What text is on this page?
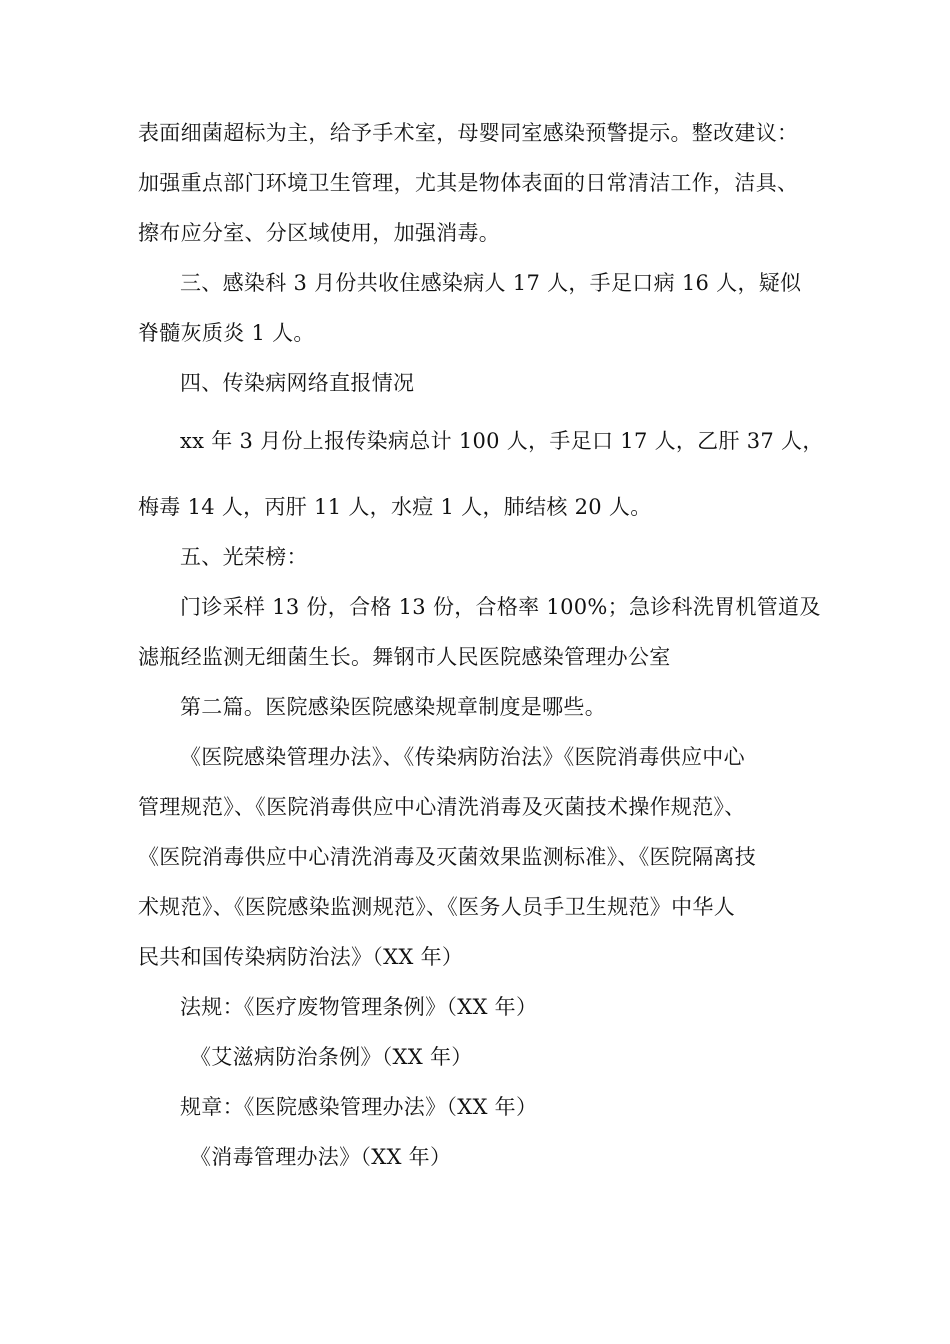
表面细菌超标为主，给予手术室，母婴同室感染预警提示。整改建议：
加强重点部门环境卫生管理，尤其是物体表面的日常清洁工作，洁具、
擦布应分室、分区域使用，加强消毒。
三、感染科 3 月份共收住感染病人 17 人，手足口病 16 人，疑似
脊髓灰质炎 1 人。
四、传染病网络直报情况
xx 年 3 月份上报传染病总计 100 人，手足口 17 人，乙肝 37 人，
梅毒 14 人，丙肝 11 人，水痘 1 人，肺结核 20 人。
五、光荣榜：
门诊采样 13 份，合格 13 份，合格率 100%；急诊科洗胃机管道及
滤瓶经监测无细菌生长。舞钢市人民医院感染管理办公室
第二篇。医院感染医院感染规章制度是哪些。
《医院感染管理办法》、《传染病防治法》《医院消毒供应中心
管理规范》、《医院消毒供应中心清洗消毒及灭菌技术操作规范》、
《医院消毒供应中心清洗消毒及灭菌效果监测标准》、《医院隔离技
术规范》、《医院感染监测规范》、《医务人员手卫生规范》中华人
民共和国传染病防治法》（XX 年）
法规：《医疗废物管理条例》（XX 年）
《艾滋病防治条例》（XX 年）
规章：《医院感染管理办法》（XX 年）
《消毒管理办法》（XX 年）
